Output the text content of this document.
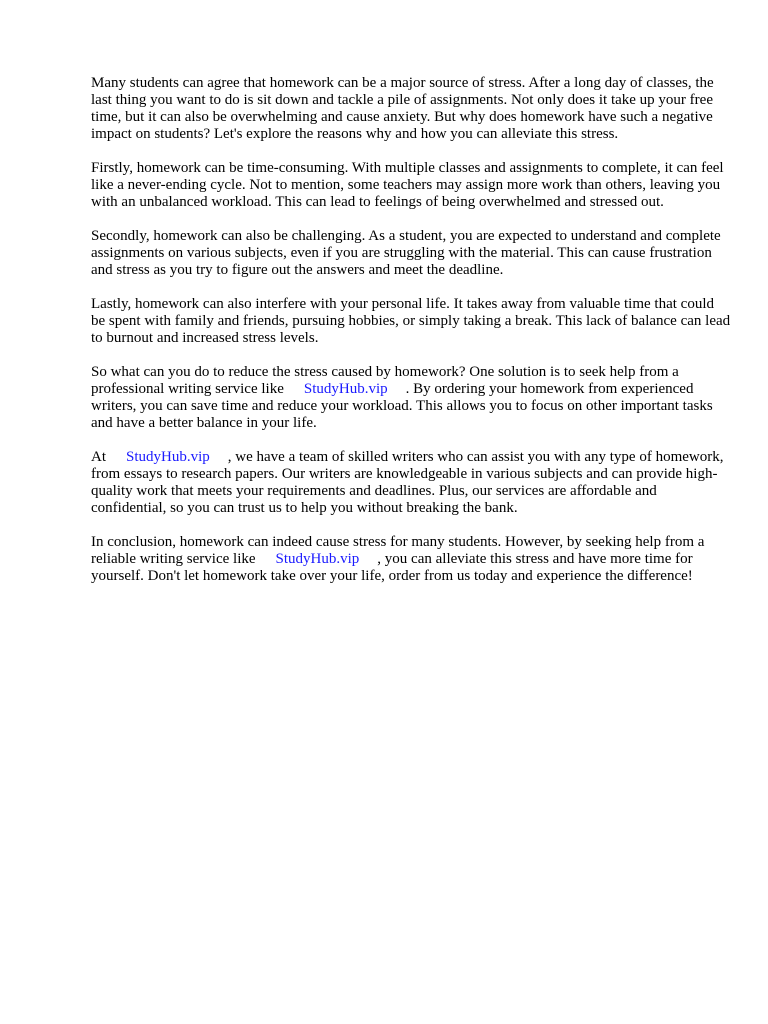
Many students can agree that homework can be a major source of stress. After a long day of classes, the last thing you want to do is sit down and tackle a pile of assignments. Not only does it take up your free time, but it can also be overwhelming and cause anxiety. But why does homework have such a negative impact on students? Let's explore the reasons why and how you can alleviate this stress.

Firstly, homework can be time-consuming. With multiple classes and assignments to complete, it can feel like a never-ending cycle. Not to mention, some teachers may assign more work than others, leaving you with an unbalanced workload. This can lead to feelings of being overwhelmed and stressed out.

Secondly, homework can also be challenging. As a student, you are expected to understand and complete assignments on various subjects, even if you are struggling with the material. This can cause frustration and stress as you try to figure out the answers and meet the deadline.

Lastly, homework can also interfere with your personal life. It takes away from valuable time that could be spent with family and friends, pursuing hobbies, or simply taking a break. This lack of balance can lead to burnout and increased stress levels.

So what can you do to reduce the stress caused by homework? One solution is to seek help from a professional writing service like StudyHub.vip . By ordering your homework from experienced writers, you can save time and reduce your workload. This allows you to focus on other important tasks and have a better balance in your life.

At StudyHub.vip , we have a team of skilled writers who can assist you with any type of homework, from essays to research papers. Our writers are knowledgeable in various subjects and can provide high-quality work that meets your requirements and deadlines. Plus, our services are affordable and confidential, so you can trust us to help you without breaking the bank.

In conclusion, homework can indeed cause stress for many students. However, by seeking help from a reliable writing service like StudyHub.vip , you can alleviate this stress and have more time for yourself. Don't let homework take over your life, order from us today and experience the difference!
